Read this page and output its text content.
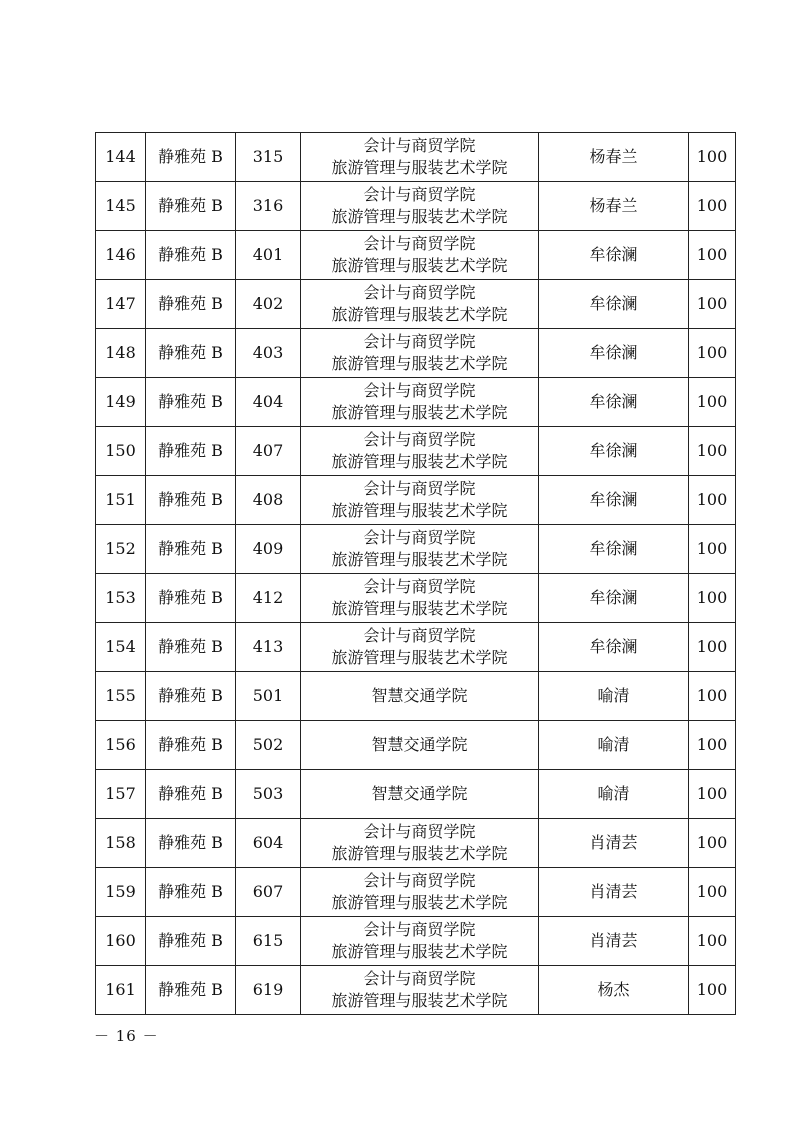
144	静雅苑 B	315	会计与商贸学院
旅游管理与服装艺术学院	杨春兰	100
145	静雅苑 B	316	会计与商贸学院
旅游管理与服装艺术学院	杨春兰	100
146	静雅苑 B	401	会计与商贸学院
旅游管理与服装艺术学院	牟徐澜	100
147	静雅苑 B	402	会计与商贸学院
旅游管理与服装艺术学院	牟徐澜	100
148	静雅苑 B	403	会计与商贸学院
旅游管理与服装艺术学院	牟徐澜	100
149	静雅苑 B	404	会计与商贸学院
旅游管理与服装艺术学院	牟徐澜	100
150	静雅苑 B	407	会计与商贸学院
旅游管理与服装艺术学院	牟徐澜	100
151	静雅苑 B	408	会计与商贸学院
旅游管理与服装艺术学院	牟徐澜	100
152	静雅苑 B	409	会计与商贸学院
旅游管理与服装艺术学院	牟徐澜	100
153	静雅苑 B	412	会计与商贸学院
旅游管理与服装艺术学院	牟徐澜	100
154	静雅苑 B	413	会计与商贸学院
旅游管理与服装艺术学院	牟徐澜	100
155	静雅苑 B	501	智慧交通学院	喻清	100
156	静雅苑 B	502	智慧交通学院	喻清	100
157	静雅苑 B	503	智慧交通学院	喻清	100
158	静雅苑 B	604	会计与商贸学院
旅游管理与服装艺术学院	肖清芸	100
159	静雅苑 B	607	会计与商贸学院
旅游管理与服装艺术学院	肖清芸	100
160	静雅苑 B	615	会计与商贸学院
旅游管理与服装艺术学院	肖清芸	100
161	静雅苑 B	619	会计与商贸学院
旅游管理与服装艺术学院	杨杰	100
－ 16 －
